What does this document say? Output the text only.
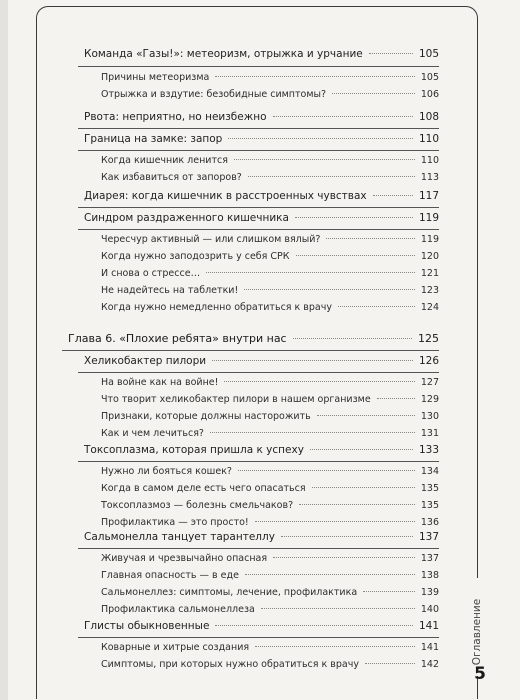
Команда «Газы!»: метеоризм, отрыжка и урчание	105
Причины метеоризма	105
Отрыжка и вздутие: безобидные симптомы?	106
Рвота: неприятно, но неизбежно	108
Граница на замке: запор	110
Когда кишечник ленится	110
Как избавиться от запоров?	113
Диарея: когда кишечник в расстроенных чувствах	117
Синдром раздраженного кишечника	119
Чересчур активный — или слишком вялый?	119
Когда нужно заподозрить у себя СРК	120
И снова о стрессе…	121
Не надейтесь на таблетки!	123
Когда нужно немедленно обратиться к врачу	124
Глава 6. «Плохие ребята» внутри нас	125
Хеликобактер пилори	126
На войне как на войне!	127
Что творит хеликобактер пилори в нашем организме	129
Признаки, которые должны насторожить	130
Как и чем лечиться?	131
Токсоплазма, которая пришла к успеху	133
Нужно ли бояться кошек?	134
Когда в самом деле есть чего опасаться	135
Токсоплазмоз — болезнь смельчаков?	135
Профилактика — это просто!	136
Сальмонелла танцует тарантеллу	137
Живучая и чрезвычайно опасная	137
Главная опасность — в еде	138
Сальмонеллез: симптомы, лечение, профилактика	139
Профилактика сальмонеллеза	140
Глисты обыкновенные	141
Коварные и хитрые создания	141
Симптомы, при которых нужно обратиться к врачу	142	Оглавление
5
